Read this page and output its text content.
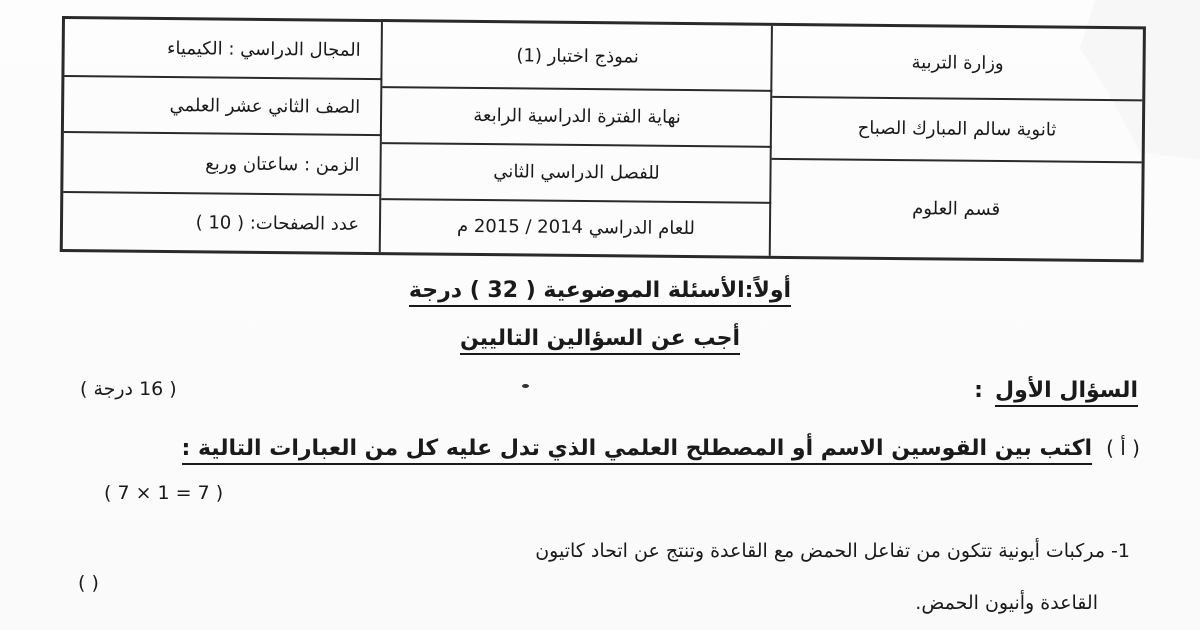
وزارة التربية
ثانوية سالم المبارك الصباح
قسم العلوم
نموذج اختبار (1)
نهاية الفترة الدراسية الرابعة
للفصل الدراسي الثاني
للعام الدراسي 2014 / 2015 م
المجال الدراسي : الكيمياء
الصف الثاني عشر العلمي
الزمن : ساعتان وربع
عدد الصفحات: ( 10 )
أولاً:الأسئلة الموضوعية ( 32 ) درجة
أجب عن السؤالين التاليين
السؤال الأول :
( 16 درجة )
( أ ) اكتب بين القوسين الاسم أو المصطلح العلمي الذي تدل عليه كل من العبارات التالية :
( 7 × 1 = 7 )
1- مركبات أيونية تتكون من تفاعل الحمض مع القاعدة وتنتج عن اتحاد كاتيون
( )
القاعدة وأنيون الحمض.
